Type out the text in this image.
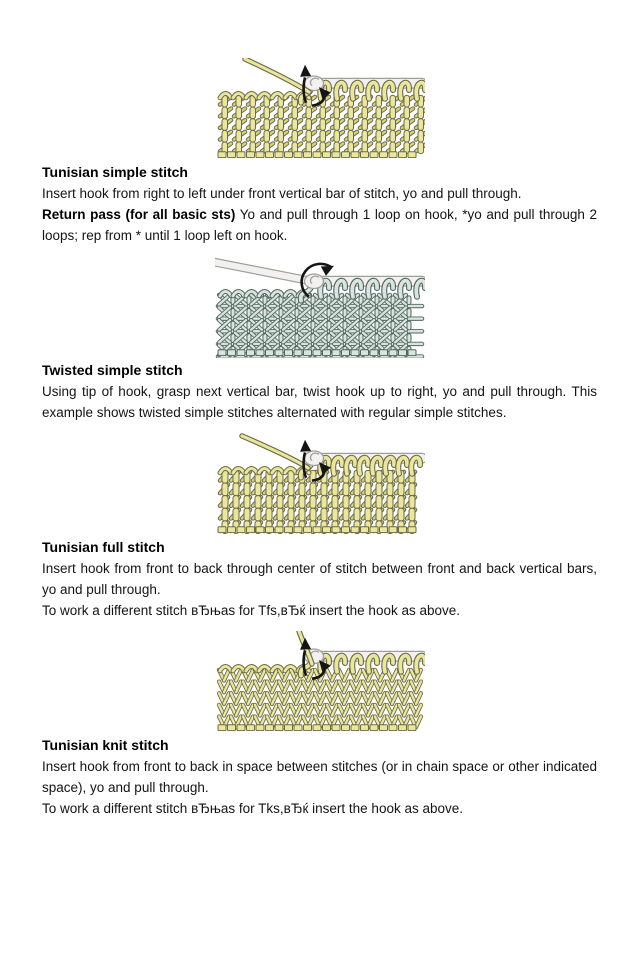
Tunisian simple stitch

Insert hook from right to left under front vertical bar of stitch, yo and pull through.

Return pass (for all basic sts) Yo and pull through 1 loop on hook, *yo and pull through 2 loops; rep from * until 1 loop left on hook.

Twisted simple stitch

Using tip of hook, grasp next vertical bar, twist hook up to right, yo and pull through. This example shows twisted simple stitches alternated with regular simple stitches.

Tunisian full stitch

Insert hook from front to back through center of stitch between front and back vertical bars, yo and pull through.

To work a different stitch вЂњas for Tfs,вЂќ insert the hook as above.

Tunisian knit stitch

Insert hook from front to back in space between stitches (or in chain space or other indicated space), yo and pull through.

To work a different stitch вЂњas for Tks,вЂќ insert the hook as above.
